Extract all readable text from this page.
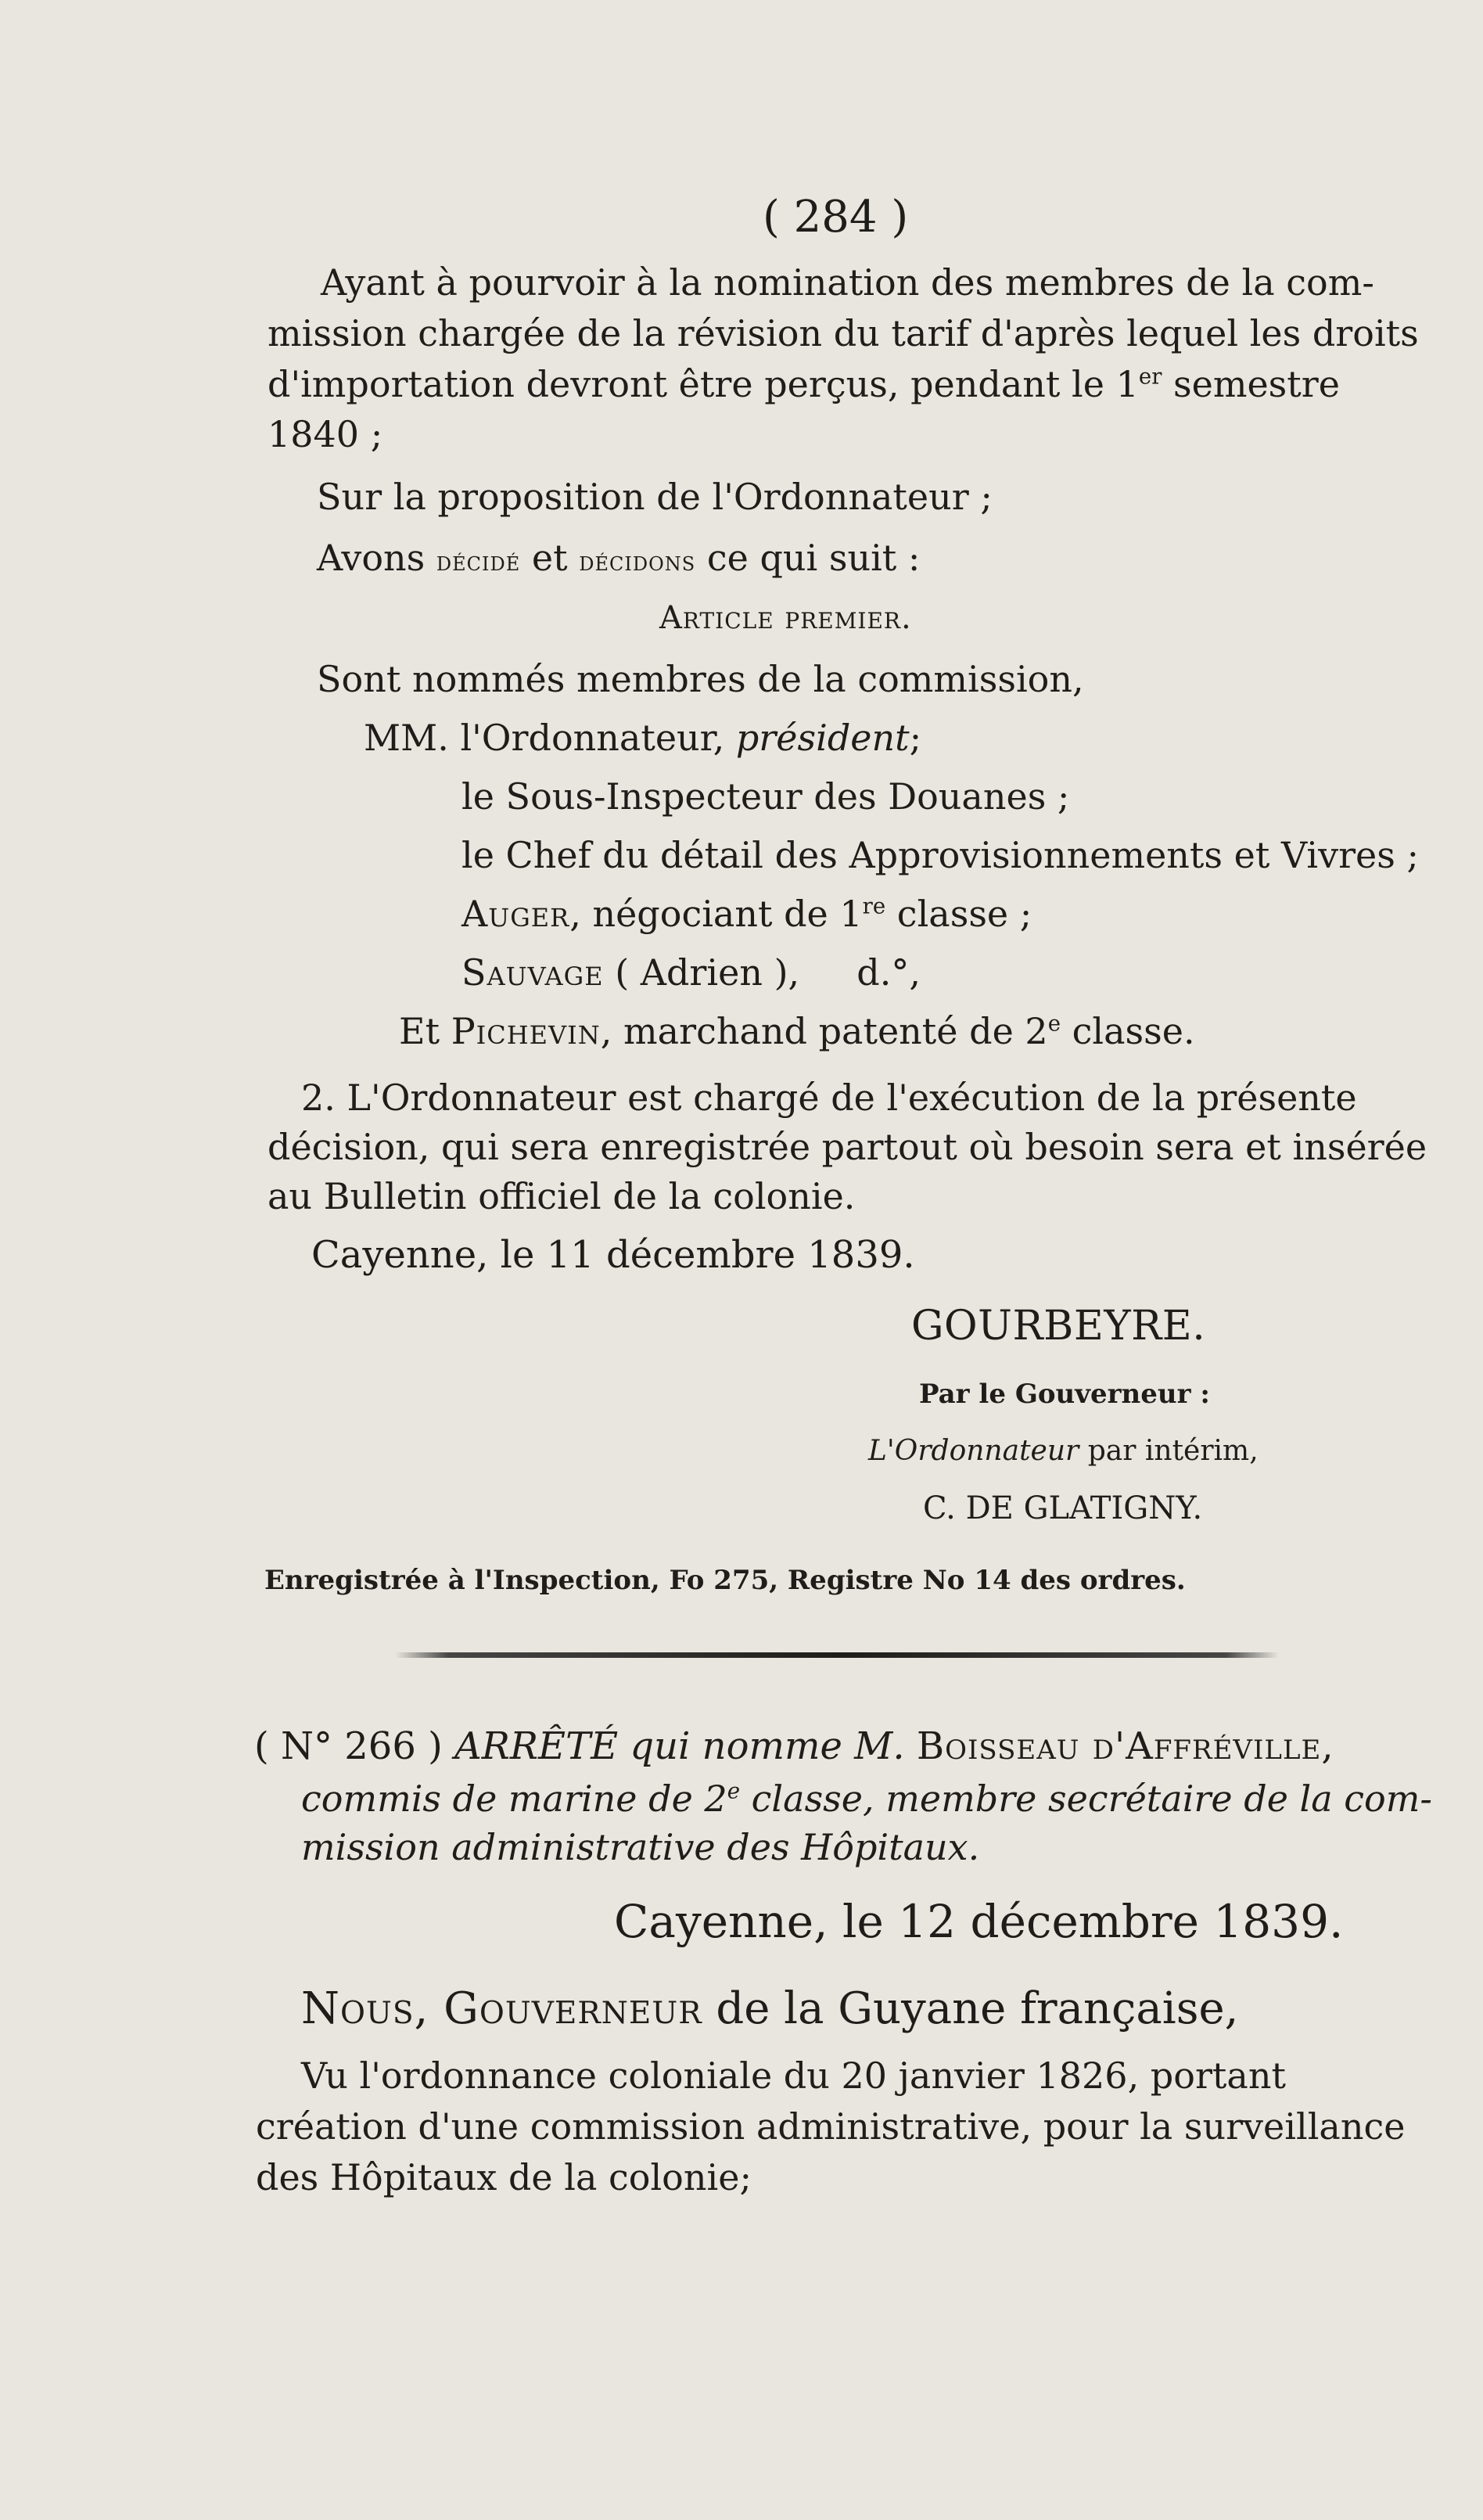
( 284 )
Ayant à pourvoir à la nomination des membres de la com-
mission chargée de la révision du tarif d'après lequel les droits
d'importation devront être perçus, pendant le 1er semestre
1840 ;
Sur la proposition de l'Ordonnateur ;
Avons décidé et décidons ce qui suit :
Article premier.
Sont nommés membres de la commission,
MM. l'Ordonnateur, président;
le Sous-Inspecteur des Douanes ;
le Chef du détail des Approvisionnements et Vivres ;
Auger, négociant de 1re classe ;
Sauvage ( Adrien ),     d.°,
Et Pichevin, marchand patenté de 2e classe.
2. L'Ordonnateur est chargé de l'exécution de la présente
décision, qui sera enregistrée partout où besoin sera et insérée
au Bulletin officiel de la colonie.
Cayenne, le 11 décembre 1839.
GOURBEYRE.
Par le Gouverneur :
L'Ordonnateur par intérim,
C. DE GLATIGNY.
Enregistrée à l'Inspection, Fo 275, Registre No 14 des ordres.
( N° 266 ) ARRÊTÉ qui nomme M. Boisseau d'Affréville,
commis de marine de 2e classe, membre secrétaire de la com-
mission administrative des Hôpitaux.
Cayenne, le 12 décembre 1839.
Nous, Gouverneur de la Guyane française,
Vu l'ordonnance coloniale du 20 janvier 1826, portant
création d'une commission administrative, pour la surveillance
des Hôpitaux de la colonie;
